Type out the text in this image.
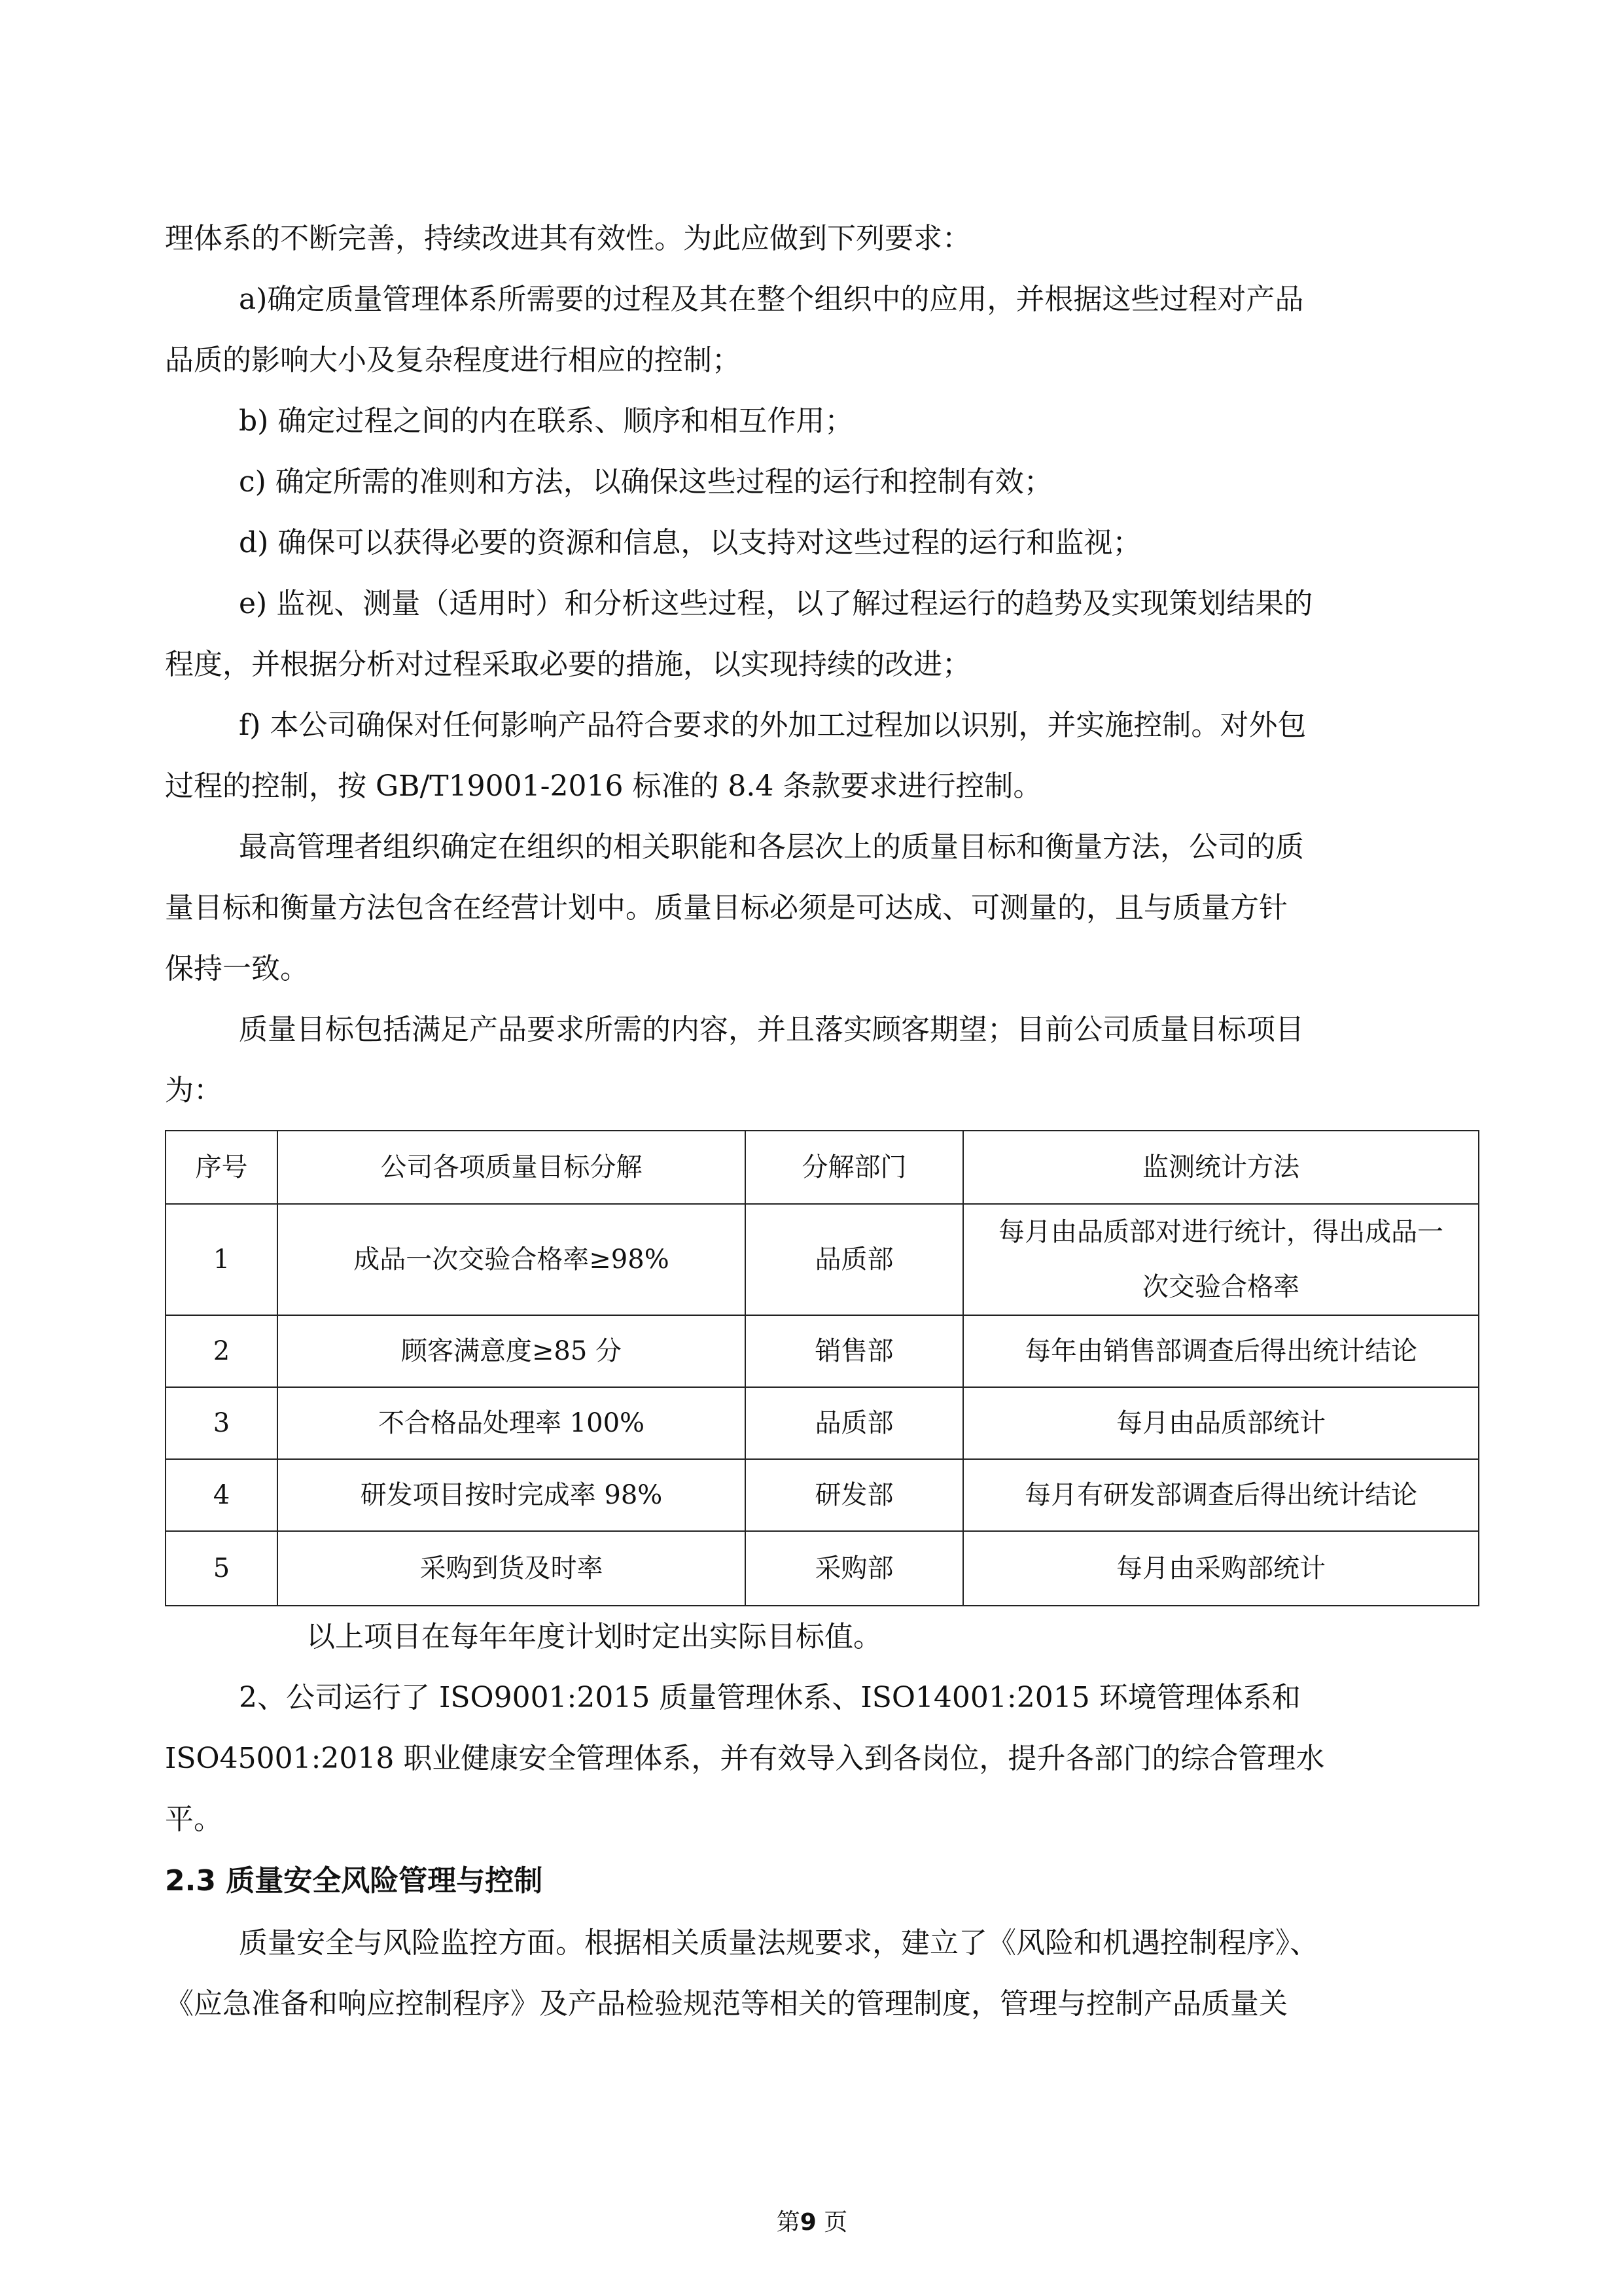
理体系的不断完善，持续改进其有效性。为此应做到下列要求：

a)确定质量管理体系所需要的过程及其在整个组织中的应用，并根据这些过程对产品

品质的影响大小及复杂程度进行相应的控制；

b) 确定过程之间的内在联系、顺序和相互作用；

c) 确定所需的准则和方法，以确保这些过程的运行和控制有效；

d) 确保可以获得必要的资源和信息，以支持对这些过程的运行和监视；

e) 监视、测量（适用时）和分析这些过程，以了解过程运行的趋势及实现策划结果的

程度，并根据分析对过程采取必要的措施，以实现持续的改进；

f) 本公司确保对任何影响产品符合要求的外加工过程加以识别，并实施控制。对外包

过程的控制，按 GB/T19001-2016 标准的 8.4 条款要求进行控制。

最高管理者组织确定在组织的相关职能和各层次上的质量目标和衡量方法，公司的质

量目标和衡量方法包含在经营计划中。质量目标必须是可达成、可测量的，且与质量方针

保持一致。

质量目标包括满足产品要求所需的内容，并且落实顾客期望；目前公司质量目标项目

为：

序号	公司各项质量目标分解	分解部门	监测统计方法
1	成品一次交验合格率≥98%	品质部	每月由品质部对进行统计，得出成品一
次交验合格率

2	顾客满意度≥85 分	销售部	每年由销售部调查后得出统计结论
3	不合格品处理率 100%	品质部	每月由品质部统计
4	研发项目按时完成率 98%	研发部	每月有研发部调查后得出统计结论
5	采购到货及时率	采购部	每月由采购部统计

以上项目在每年年度计划时定出实际目标值。

2、公司运行了 ISO9001:2015 质量管理休系、ISO14001:2015 环境管理体系和

ISO45001:2018 职业健康安全管理体系，并有效导入到各岗位，提升各部门的综合管理水

平。

2.3 质量安全风险管理与控制

质量安全与风险监控方面。根据相关质量法规要求，建立了《风险和机遇控制程序》、

《应急准备和响应控制程序》及产品检验规范等相关的管理制度，管理与控制产品质量关

第9 页
